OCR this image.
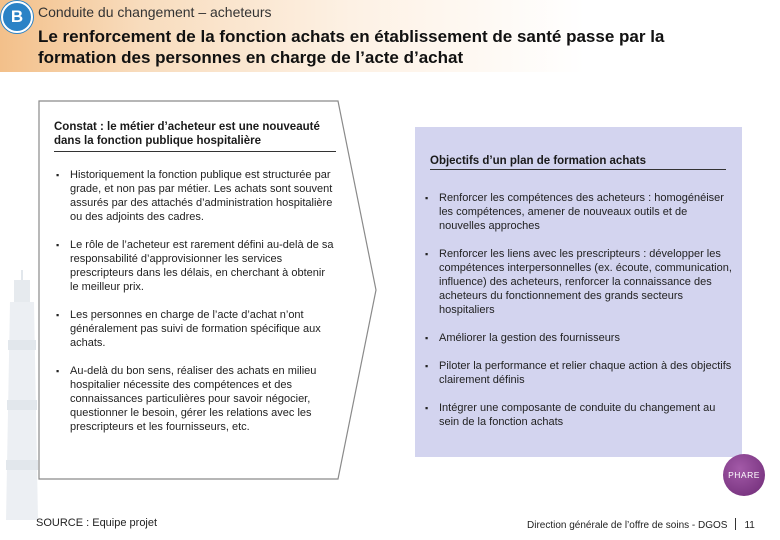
B	Conduite du changement – acheteurs
Le renforcement de la fonction achats en établissement de santé passe par la formation des personnes en charge de l’acte d’achat
Constat : le métier d’acheteur est une nouveauté dans la fonction publique hospitalière
▪ Historiquement la fonction publique est structurée par grade, et non pas par métier. Les achats sont souvent assurés par des attachés d’administration hospitalière ou des adjoints des cadres.
▪ Le rôle de l’acheteur est rarement défini au-delà de sa responsabilité d’approvisionner les services prescripteurs dans les délais, en cherchant à obtenir le meilleur prix.
▪ Les personnes en charge de l’acte d’achat n’ont généralement pas suivi de formation spécifique aux achats.
▪ Au-delà du bon sens, réaliser des achats en milieu hospitalier nécessite des compétences et des connaissances particulières pour savoir négocier, questionner le besoin, gérer les relations avec les prescripteurs et les fournisseurs, etc.
Objectifs d’un plan de formation achats
▪ Renforcer les compétences des acheteurs : homogénéiser les compétences, amener de nouveaux outils et de nouvelles approches
▪ Renforcer les liens avec les prescripteurs : développer les compétences interpersonnelles (ex. écoute, communication, influence) des acheteurs, renforcer la connaissance des acheteurs du fonctionnement des grands secteurs hospitaliers
▪ Améliorer la gestion des fournisseurs
▪ Piloter la performance et relier chaque action à des objectifs clairement définis
▪ Intégrer une composante de conduite du changement au sein de la fonction achats
PHARE
SOURCE : Equipe projet	Direction générale de l’offre de soins - DGOS 11
